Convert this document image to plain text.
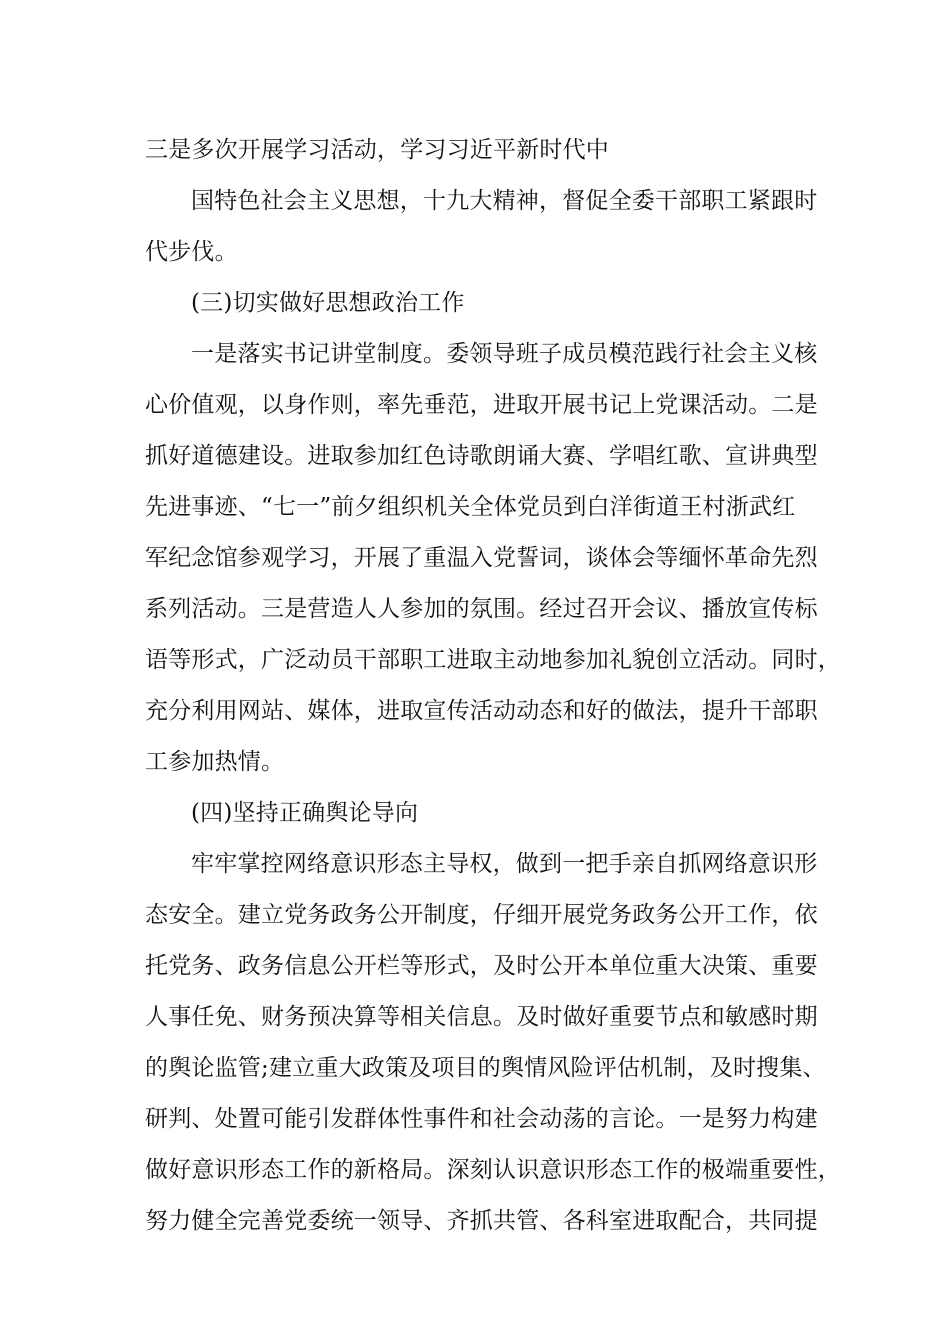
三是多次开展学习活动，学习习近平新时代中
国特色社会主义思想，十九大精神，督促全委干部职工紧跟时
代步伐。
(三)切实做好思想政治工作
一是落实书记讲堂制度。委领导班子成员模范践行社会主义核
心价值观，以身作则，率先垂范，进取开展书记上党课活动。二是
抓好道德建设。进取参加红色诗歌朗诵大赛、学唱红歌、宣讲典型
先进事迹、“七一”前夕组织机关全体党员到白洋街道王村浙武红
军纪念馆参观学习，开展了重温入党誓词，谈体会等缅怀革命先烈
系列活动。三是营造人人参加的氛围。经过召开会议、播放宣传标
语等形式，广泛动员干部职工进取主动地参加礼貌创立活动。同时，
充分利用网站、媒体，进取宣传活动动态和好的做法，提升干部职
工参加热情。
(四)坚持正确舆论导向
牢牢掌控网络意识形态主导权，做到一把手亲自抓网络意识形
态安全。建立党务政务公开制度，仔细开展党务政务公开工作，依
托党务、政务信息公开栏等形式，及时公开本单位重大决策、重要
人事任免、财务预决算等相关信息。及时做好重要节点和敏感时期
的舆论监管;建立重大政策及项目的舆情风险评估机制，及时搜集、
研判、处置可能引发群体性事件和社会动荡的言论。一是努力构建
做好意识形态工作的新格局。深刻认识意识形态工作的极端重要性，
努力健全完善党委统一领导、齐抓共管、各科室进取配合，共同提
